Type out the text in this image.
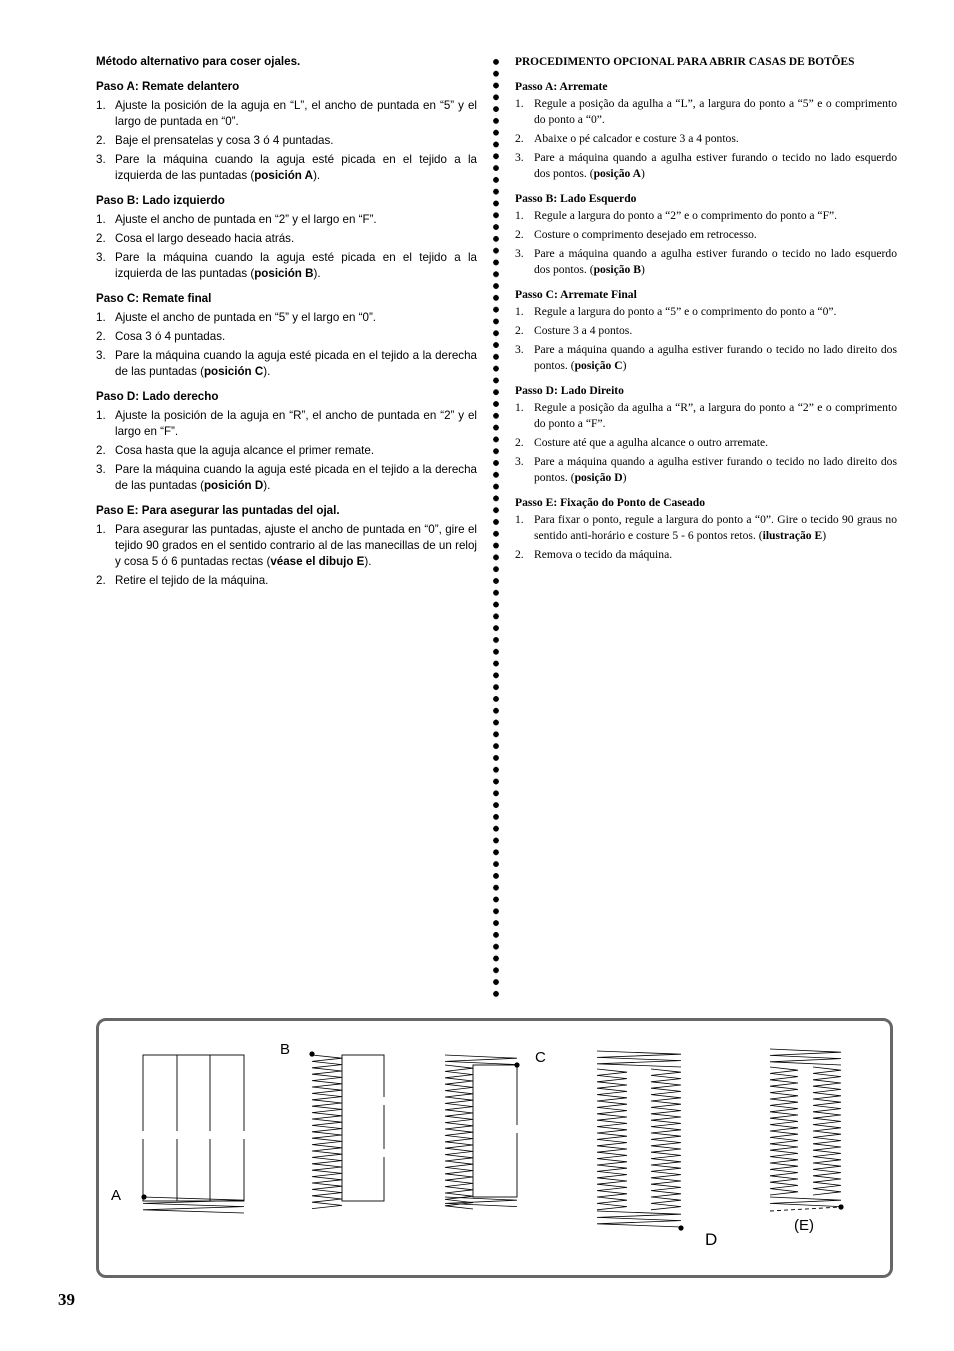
Método alternativo para coser ojales.
Paso A: Remate delantero
1. Ajuste la posición de la aguja en “L”, el ancho de puntada en “5” y el largo de puntada en “0”.
2. Baje el prensatelas y cosa 3 ó 4 puntadas.
3. Pare la máquina cuando la aguja esté picada en el tejido a la izquierda de las puntadas (posición A).
Paso B: Lado izquierdo
1. Ajuste el ancho de puntada en “2” y el largo en “F”.
2. Cosa el largo deseado hacia atrás.
3. Pare la máquina cuando la aguja esté picada en el tejido a la izquierda de las puntadas (posición B).
Paso C: Remate final
1. Ajuste el ancho de puntada en “5” y el largo en “0”.
2. Cosa 3 ó 4 puntadas.
3. Pare la máquina cuando la aguja esté picada en el tejido a la derecha de las puntadas (posición C).
Paso D: Lado derecho
1. Ajuste la posición de la aguja en “R”, el ancho de puntada en “2” y el largo en “F”.
2. Cosa hasta que la aguja alcance el primer remate.
3. Pare la máquina cuando la aguja esté picada en el tejido a la derecha de las puntadas (posición D).
Paso E: Para asegurar las puntadas del ojal.
1. Para asegurar las puntadas, ajuste el ancho de puntada en “0”, gire el tejido 90 grados en el sentido contrario al de las manecillas de un reloj y cosa 5 ó 6 puntadas rectas (véase el dibujo E).
2. Retire el tejido de la máquina.
PROCEDIMENTO OPCIONAL PARA ABRIR CASAS DE BOTÕES
Passo A: Arremate
1. Regule a posição da agulha a “L”, a largura do ponto a “5” e o comprimento do ponto a “0”.
2. Abaixe o pé calcador e costure 3 a 4 pontos.
3. Pare a máquina quando a agulha estiver furando o tecido no lado esquerdo dos pontos. (posição A)
Passo B: Lado Esquerdo
1. Regule a largura do ponto a “2” e o comprimento do ponto a “F”.
2. Costure o comprimento desejado em retrocesso.
3. Pare a máquina quando a agulha estiver furando o tecido no lado esquerdo dos pontos. (posição B)
Passo C: Arremate Final
1. Regule a largura do ponto a “5” e o comprimento do ponto a “0”.
2. Costure 3 a 4 pontos.
3. Pare a máquina quando a agulha estiver furando o tecido no lado direito dos pontos. (posição C)
Passo D: Lado Direito
1. Regule a posição da agulha a “R”, a largura do ponto a “2” e o comprimento do ponto a “F”.
2. Costure até que a agulha alcance o outro arremate.
3. Pare a máquina quando a agulha estiver furando o tecido no lado direito dos pontos. (posição D)
Passo E: Fixação do Ponto de Caseado
1. Para fixar o ponto, regule a largura do ponto a “0”. Gire o tecido 90 graus no sentido anti-horário e costure 5 - 6 pontos retos. (ilustração E)
2. Remova o tecido da máquina.
A
B	C
D
(E)
39
